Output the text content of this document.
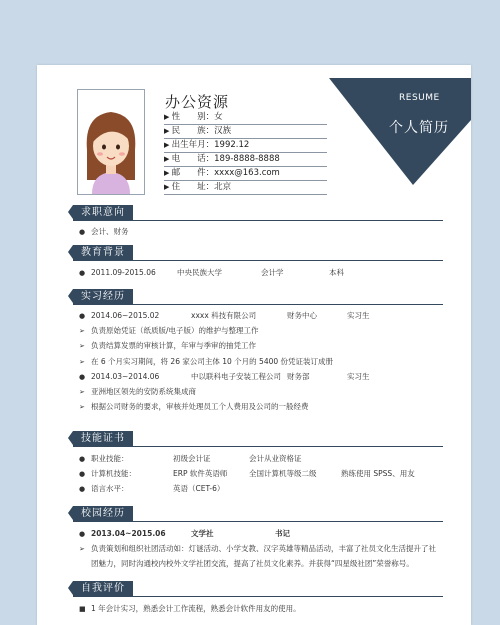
办公资源
▶ 性　　别：女
▶ 民　　族：汉族
▶ 出生年月：1992.12
▶ 电　　话：189-8888-8888
▶ 邮　　件：xxxx@163.com
▶ 住　　址：北京
RESUME
个人简历
求职意向
● 会计、财务
教育背景
● 2011.09-2015.06	中央民族大学	会计学	本科
实习经历
● 2014.06~2015.02	xxxx 科技有限公司	财务中心	实习生
➢ 负责原始凭证（纸质版/电子版）的维护与整理工作
➢ 负责结算发票的审核计算，年审与季审的抽凭工作
➢ 在 6 个月实习期间，将 26 家公司主体 10 个月的 5400 份凭证装订成册
● 2014.03~2014.06	中以联科电子安装工程公司 财务部	实习生
➢ 亚洲地区领先的安防系统集成商
➢ 根据公司财务的要求，审核并处理员工个人费用及公司的一般经费
技能证书
● 职业技能：	初级会计证	会计从业资格证
● 计算机技能：	ERP 软件英语师	全国计算机等级二级	熟练使用 SPSS、用友
● 语言水平：	英语（CET-6）
校园经历
● 2013.04~2015.06	文学社	书记
➢ 负责策划和组织社团活动如：灯谜活动、小学支教、汉字英雄等精品活动，丰富了社员文化生活提升了社
团魅力，同时沟通校内校外文学社团交流，提高了社员文化素养。并获得“四星级社团”荣誉称号。
自我评价
■ 1 年会计实习，熟悉会计工作流程，熟悉会计软件用友的使用。
